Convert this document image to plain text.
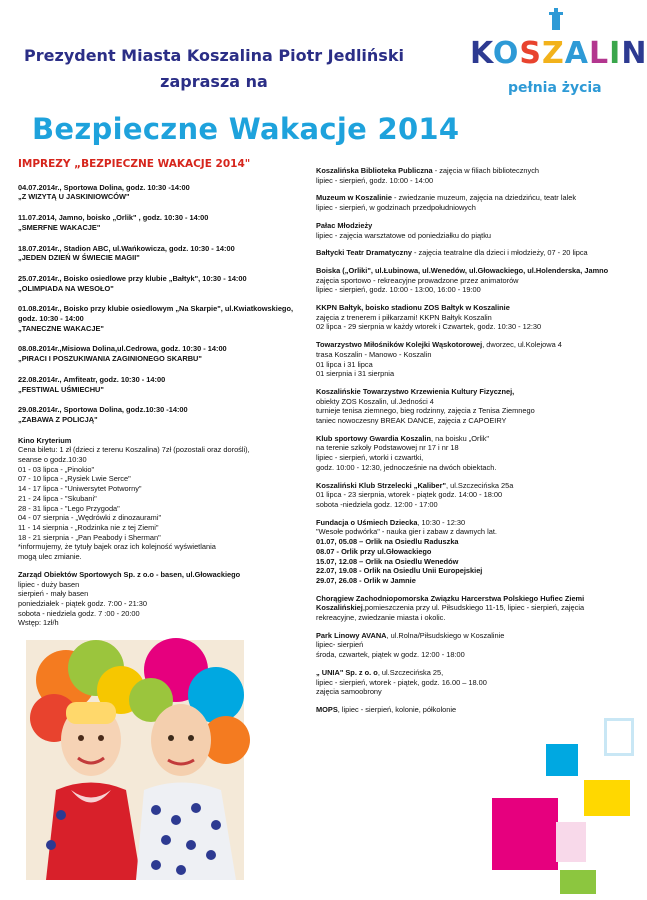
Prezydent Miasta Koszalina Piotr Jedliński
zaprasza na
KOSZALIN
pełnia życia
Bezpieczne Wakacje 2014
IMPREZY „BEZPIECZNE WAKACJE 2014"
04.07.2014r., Sportowa Dolina, godz. 10:30 -14:00
„Z WIZYTĄ U JASKINIOWCÓW"
11.07.2014, Jamno, boisko „Orlik" , godz. 10:30 - 14:00
„SMERFNE WAKACJE"
18.07.2014r., Stadion ABC, ul.Wańkowicza, godz. 10:30 - 14:00
„JEDEN DZIEŃ W ŚWIECIE MAGII"
25.07.2014r., Boisko osiedlowe przy klubie „Bałtyk", 10:30 - 14:00
„OLIMPIADA NA WESOŁO"
01.08.2014r., Boisko przy klubie osiedlowym „Na Skarpie", ul.Kwiatkowskiego, godz. 10:30 - 14:00
„TANECZNE WAKACJE"
08.08.2014r.,Misiowa Dolina,ul.Cedrowa, godz. 10:30 - 14:00
„PIRACI I POSZUKIWANIA ZAGINIONEGO SKARBU"
22.08.2014r., Amfiteatr, godz. 10:30 - 14:00
„FESTIWAL UŚMIECHU"
29.08.2014r., Sportowa Dolina, godz.10:30 -14:00
„ZABAWA Z POLICJĄ"
Kino Kryterium
Cena biletu: 1 zł (dzieci z terenu Koszalina) 7zł (pozostali oraz dorośli),
seanse o godz.10:30
01 - 03 lipca - „Pinokio"
07 - 10 lipca - „Rysiek Lwie Serce"
14 - 17 lipca - "Uniwersytet Potworny"
21 - 24 lipca - "Skubani"
28 - 31 lipca - "Lego Przygoda"
04 - 07 sierpnia - „Wędrówki z dinozaurami"
11 - 14 sierpnia - „Rodzinka nie z tej Ziemi"
18 - 21 sierpnia - „Pan Peabody i Sherman"
*informujemy, że tytuły bajek oraz ich kolejność wyświetlania
mogą ulec zmianie.
Zarząd Obiektów Sportowych Sp. z o.o - basen, ul.Głowackiego
lipiec - duży basen
sierpień - mały basen
poniedziałek - piątek godz. 7:00 - 21:30
sobota - niedziela godz. 7 :00 - 20:00
Wstęp: 1zł/h
Koszalińska Biblioteka Publiczna - zajęcia w filiach bibliotecznych
lipiec - sierpień, godz. 10:00 - 14:00
Muzeum w Koszalinie - zwiedzanie muzeum, zajęcia na dziedzińcu, teatr lalek
lipiec - sierpień, w godzinach przedpołudniowych
Pałac Młodzieży
lipiec - zajęcia warsztatowe od poniedziałku do piątku
Bałtycki Teatr Dramatyczny - zajęcia teatralne dla dzieci i młodzieży, 07 - 20 lipca
Boiska („Orliki", ul.Łubinowa, ul.Wenedów, ul.Głowackiego, ul.Holenderska, Jamno
zajęcia sportowo - rekreacyjne prowadzone przez animatorów
lipiec - sierpień, godz. 10:00 - 13:00, 16:00 - 19:00
KKPN Bałtyk, boisko stadionu ZOS Bałtyk w Koszalinie
zajęcia z trenerem i piłkarzami! KKPN Bałtyk Koszalin
02 lipca - 29 sierpnia w każdy wtorek i Czwartek, godz. 10:30 - 12:30
Towarzystwo Miłośników Kolejki Wąskotorowej, dworzec, ul.Kolejowa 4
trasa Koszalin - Manowo - Koszalin
01 lipca i 31 lipca
01 sierpnia i 31 sierpnia
Koszalińskie Towarzystwo Krzewienia Kultury Fizycznej,
obiekty ZOS Koszalin, ul.Jedności 4
turnieje tenisa ziemnego, bieg rodzinny, zajęcia z Tenisa Ziemnego
taniec nowoczesny BREAK DANCE, zajęcia z CAPOEIRY
Klub sportowy Gwardia Koszalin, na boisku „Orlik"
na terenie szkoły Podstawowej nr 17 i nr 18
lipiec - sierpień, wtorki i czwartki,
godz. 10:00 - 12:30, jednocześnie na dwóch obiektach.
Koszaliński Klub Strzelecki „Kaliber", ul.Szczecińska 25a
01 lipca - 23 sierpnia, wtorek - piątek godz. 14:00 - 18:00
sobota -niedziela godz. 12:00 - 17:00
Fundacja o Uśmiech Dziecka, 10:30 - 12:30
"Wesołe podwórka" - nauka gier i zabaw z dawnych lat.
01.07, 05.08 – Orlik na Osiedlu Raduszka
08.07 - Orlik przy ul.Głowackiego
15.07, 12.08 – Orlik na Osiedlu Wenedów
22.07, 19.08 - Orlik na Osiedlu Unii Europejskiej
29.07, 26.08 - Orlik w Jamnie
Chorągiew Zachodniopomorska Związku Harcerstwa Polskiego Hufiec Ziemi Koszalińskiej,pomieszczenia przy ul. Piłsudskiego 11-15, lipiec - sierpień, zajęcia rekreacyjne, zwiedzanie miasta i okolic.
Park Linowy AVANA, ul.Rolna/Piłsudskiego w Koszalinie
lipiec- sierpień
środa, czwartek, piątek w godz. 12:00 - 18:00
„ UNIA" Sp. z o. o, ul.Szczecińska 25,
lipiec - sierpień, wtorek - piątek, godz. 16.00 – 18.00
zajęcia samoobrony
MOPS, lipiec - sierpień, kolonie, półkolonie
